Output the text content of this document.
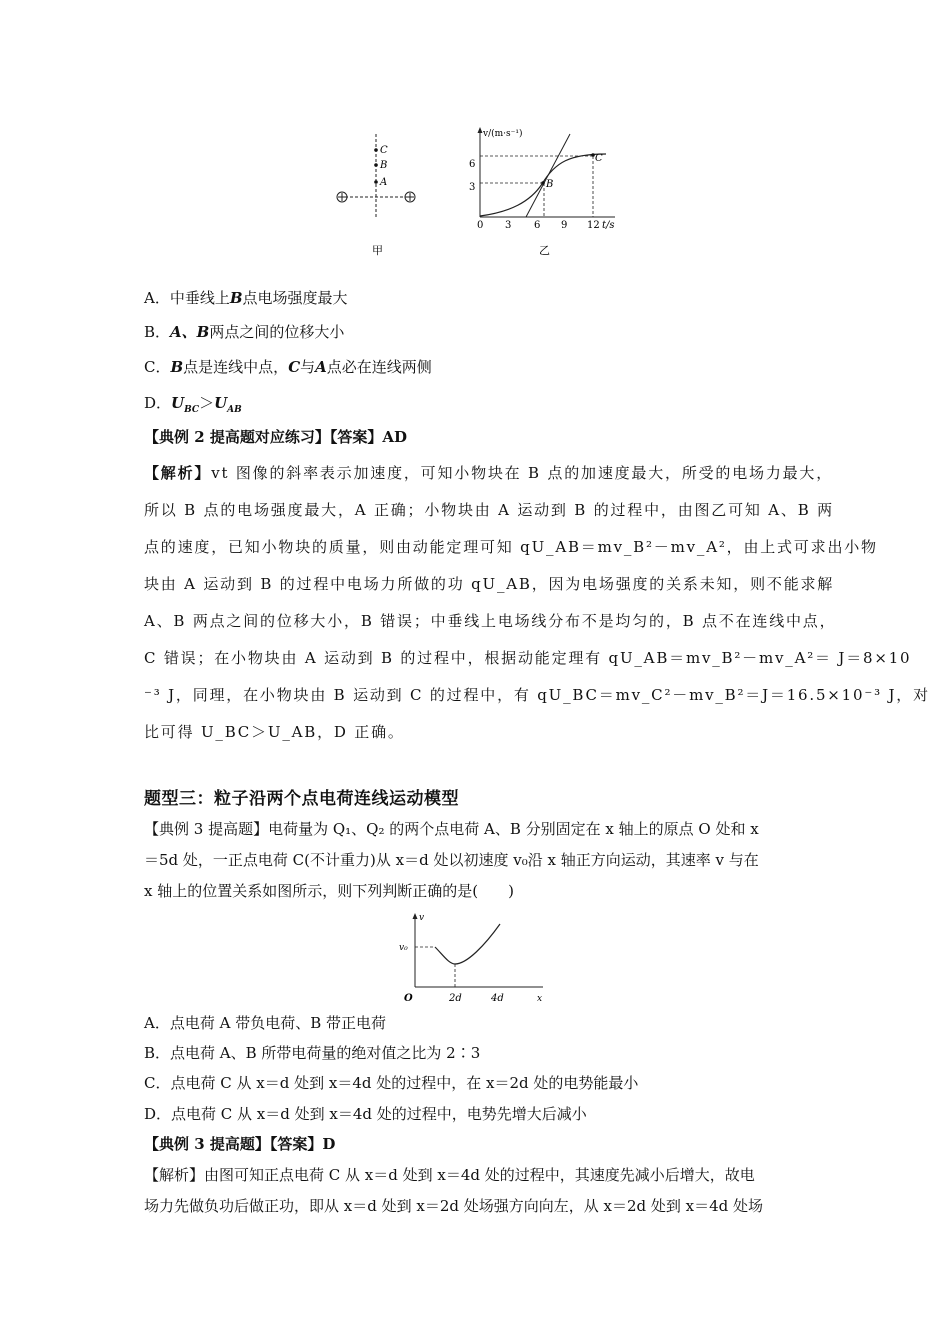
C
B
A
甲
v/(m·s⁻¹)
t/s
6
3
0 3 6 9 12
B
C
乙
A．中垂线上B点电场强度最大
B．A、B两点之间的位移大小
C．B点是连线中点，C与A点必在连线两侧
D．$U_{BC}>U_{AB}$
【典例 2 提高题对应练习】【答案】AD
【解析】vt 图像的斜率表示加速度，可知小物块在 B 点的加速度最大，所受的电场力最大，
所以 B 点的电场强度最大，A 正确；小物块由 A 运动到 B 的过程中，由图乙可知 A、B 两
点的速度，已知小物块的质量，则由动能定理可知 qU_AB＝mv_B²－mv_A²，由上式可求出小物
块由 A 运动到 B 的过程中电场力所做的功 qU_AB，因为电场强度的关系未知，则不能求解
A、B 两点之间的位移大小，B 错误；中垂线上电场线分布不是均匀的，B 点不在连线中点，
C 错误；在小物块由 A 运动到 B 的过程中，根据动能定理有 qU_AB＝mv_B²－mv_A²＝ J＝8×10
⁻³ J，同理，在小物块由 B 运动到 C 的过程中，有 qU_BC＝mv_C²－mv_B²＝J＝16.5×10⁻³ J，对
比可得 U_BC＞U_AB，D 正确。
题型三：粒子沿两个点电荷连线运动模型
【典例 3 提高题】电荷量为 Q₁、Q₂ 的两个点电荷 A、B 分别固定在 x 轴上的原点 O 处和 x
＝5d 处，一正点电荷 C(不计重力)从 x＝d 处以初速度 v₀沿 x 轴正方向运动，其速率 v 与在
x 轴上的位置关系如图所示，则下列判断正确的是(　　)
v
v₀
O	2d	4d	x
A．点电荷 A 带负电荷、B 带正电荷
B．点电荷 A、B 所带电荷量的绝对值之比为 2∶3
C．点电荷 C 从 x＝d 处到 x＝4d 处的过程中，在 x＝2d 处的电势能最小
D．点电荷 C 从 x＝d 处到 x＝4d 处的过程中，电势先增大后减小
【典例 3 提高题】【答案】D
【解析】由图可知正点电荷 C 从 x＝d 处到 x＝4d 处的过程中，其速度先减小后增大，故电
场力先做负功后做正功，即从 x＝d 处到 x＝2d 处场强方向向左，从 x＝2d 处到 x＝4d 处场
